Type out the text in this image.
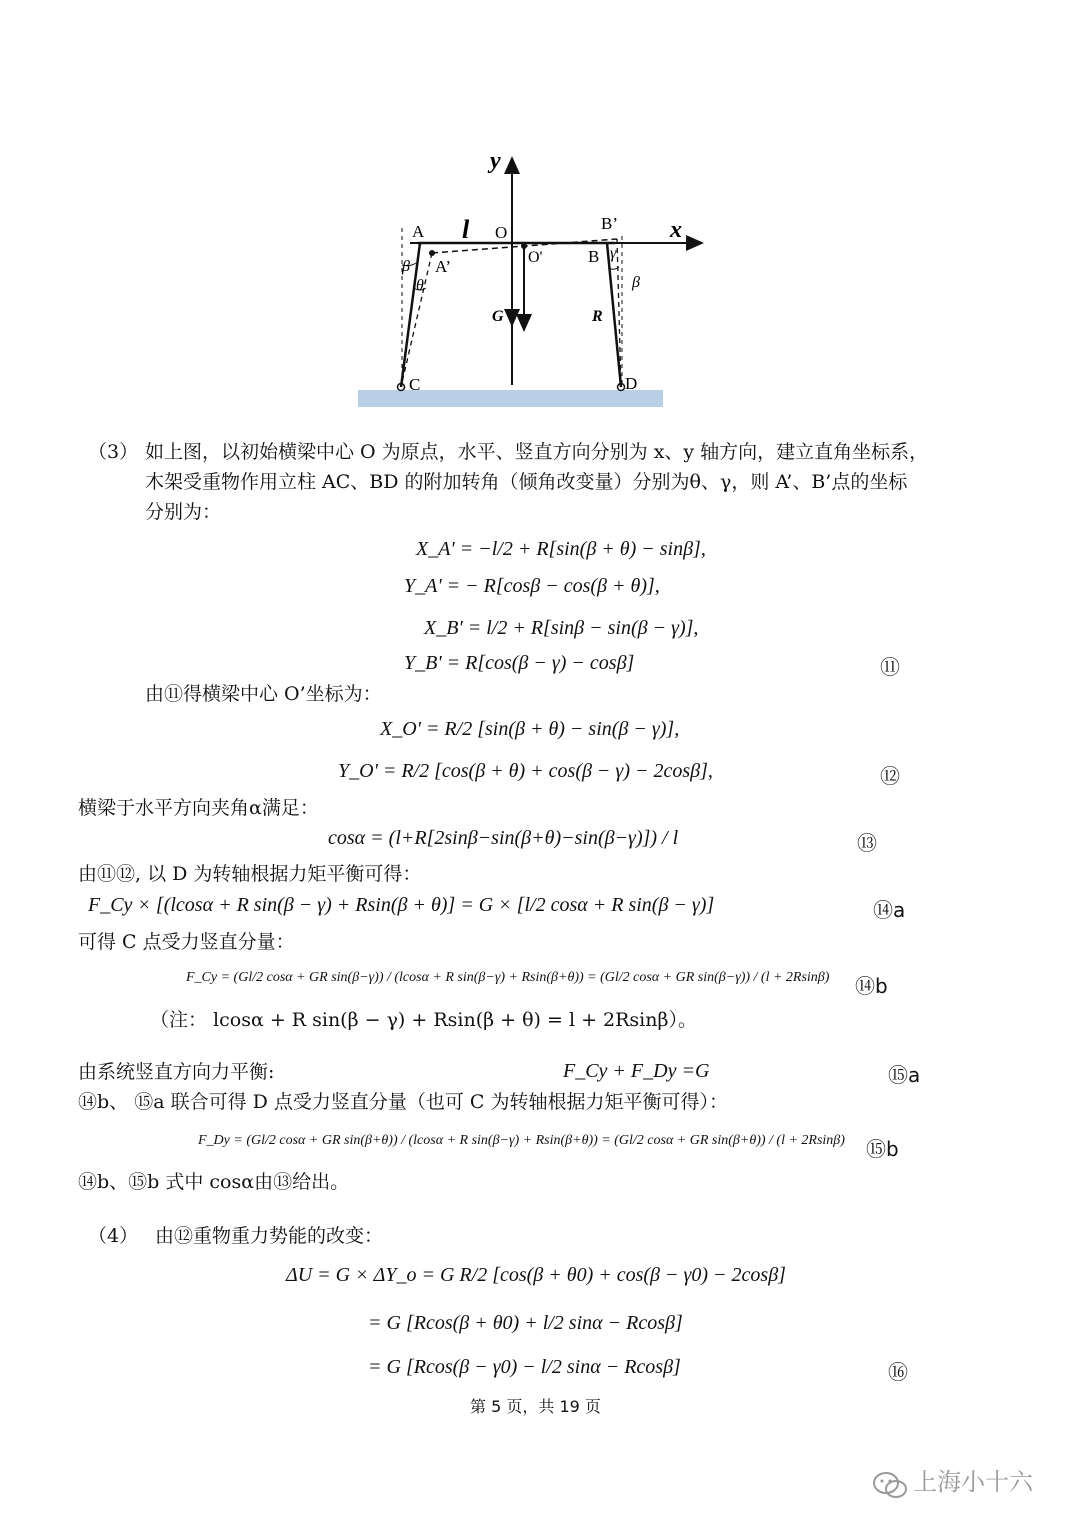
y
x
A l O	B’
A’	O'	B
β
θ
γ
β
G	R
C	D
（3） 如上图，以初始横梁中心 O 为原点，水平、竖直方向分别为 x、y 轴方向，建立直角坐标系，
木架受重物作用立柱 AC、BD 的附加转角（倾角改变量）分别为θ、γ，则 A’、B’点的坐标
分别为：
X_A' = −l/2 + R[sin(β + θ) − sinβ],
Y_A' = − R[cosβ − cos(β + θ)],
X_B' = l/2 + R[sinβ − sin(β − γ)],
Y_B' = R[cos(β − γ) − cosβ]	⑪
由⑪得横梁中心 O’坐标为：
X_O' = R/2 [sin(β + θ) − sin(β − γ)],
Y_O' = R/2 [cos(β + θ) + cos(β − γ) − 2cosβ],	⑫
横梁于水平方向夹角α满足：
cosα = (l+R[2sinβ−sin(β+θ)−sin(β−γ)]) / l	⑬
由⑪⑫, 以 D 为转轴根据力矩平衡可得：
F_Cy × [(lcosα + R sin(β − γ) + Rsin(β + θ)] = G × [l/2 cosα + R sin(β − γ)]	⑭a
可得 C 点受力竖直分量：
F_Cy = (Gl/2 cosα + GR sin(β−γ)) / (lcosα + R sin(β−γ) + Rsin(β+θ)) = (Gl/2 cosα + GR sin(β−γ)) / (l + 2Rsinβ) ⑭b
（注： lcosα + R sin(β − γ) + Rsin(β + θ) = l + 2Rsinβ）。
由系统竖直方向力平衡:	F_Cy + F_Dy =G	⑮a
⑭b、 ⑮a 联合可得 D 点受力竖直分量（也可 C 为转轴根据力矩平衡可得）：
F_Dy = (Gl/2 cosα + GR sin(β+θ)) / (lcosα + R sin(β−γ) + Rsin(β+θ)) = (Gl/2 cosα + GR sin(β+θ)) / (l + 2Rsinβ) ⑮b
⑭b、⑮b 式中 cosα由⑬给出。
（4） 由⑫重物重力势能的改变：
ΔU = G × ΔY_o = G R/2 [cos(β + θ0) + cos(β − γ0) − 2cosβ]
= G [Rcos(β + θ0) + l/2 sinα − Rcosβ]
= G [Rcos(β − γ0) − l/2 sinα − Rcosβ]	⑯
第 5 页，共 19 页
上海小十六
